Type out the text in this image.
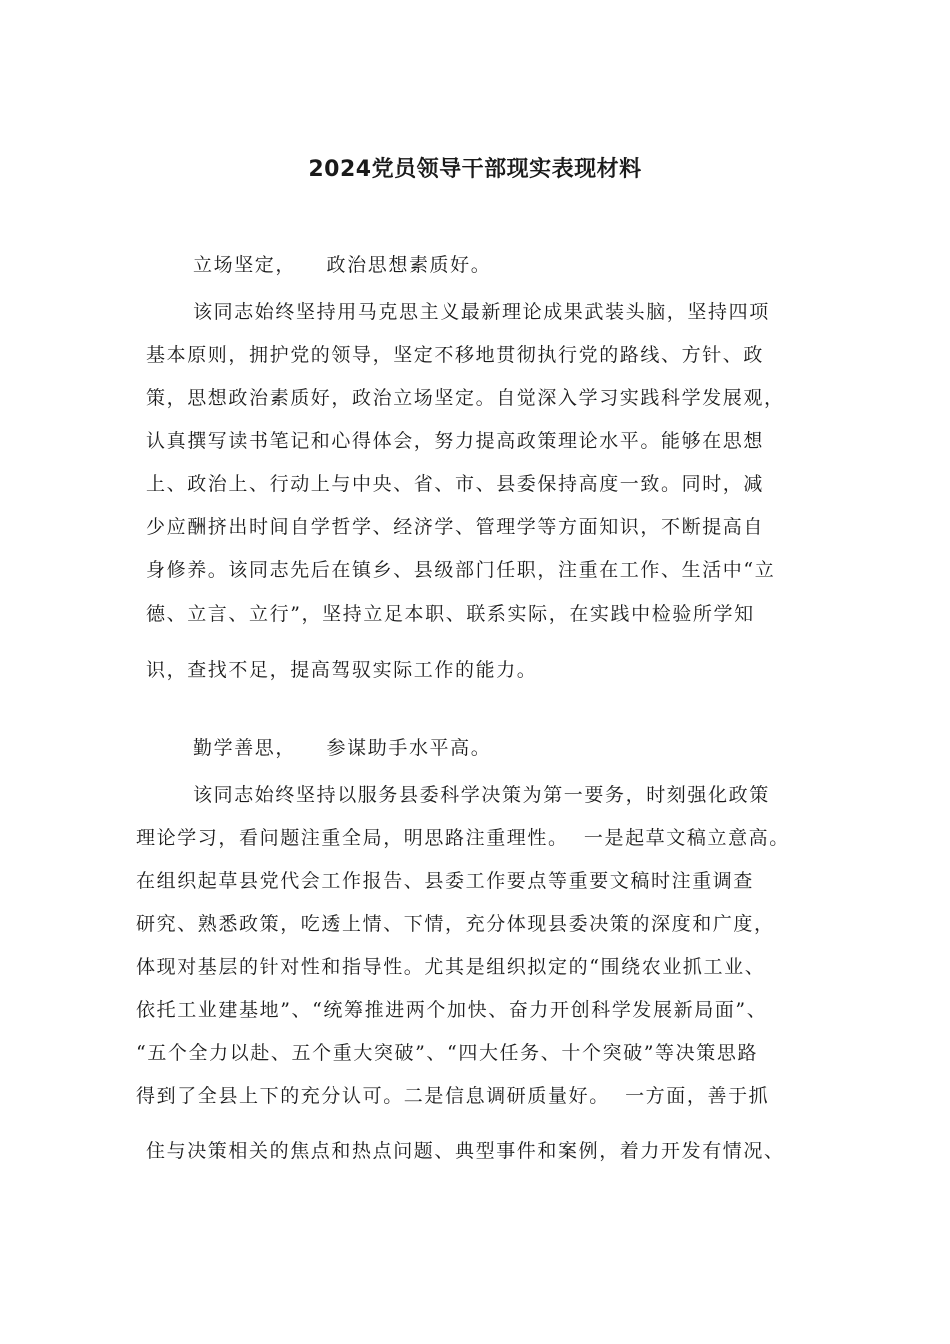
2024党员领导干部现实表现材料
立场坚定，    政治思想素质好。
该同志始终坚持用马克思主义最新理论成果武装头脑，坚持四项
基本原则，拥护党的领导，坚定不移地贯彻执行党的路线、方针、政
策，思想政治素质好，政治立场坚定。自觉深入学习实践科学发展观，
认真撰写读书笔记和心得体会，努力提高政策理论水平。能够在思想
上、政治上、行动上与中央、省、市、县委保持高度一致。同时，减
少应酬挤出时间自学哲学、经济学、管理学等方面知识，不断提高自
身修养。该同志先后在镇乡、县级部门任职，注重在工作、生活中“立
德、立言、立行”，坚持立足本职、联系实际，在实践中检验所学知
识，查找不足，提高驾驭实际工作的能力。
勤学善思，    参谋助手水平高。
该同志始终坚持以服务县委科学决策为第一要务，时刻强化政策
理论学习，看问题注重全局，明思路注重理性。  一是起草文稿立意高。
在组织起草县党代会工作报告、县委工作要点等重要文稿时注重调查
研究、熟悉政策，吃透上情、下情，充分体现县委决策的深度和广度，
体现对基层的针对性和指导性。尤其是组织拟定的“围绕农业抓工业、
依托工业建基地”、“统筹推进两个加快、奋力开创科学发展新局面”、
“五个全力以赴、五个重大突破”、“四大任务、十个突破”等决策思路
得到了全县上下的充分认可。二是信息调研质量好。  一方面，善于抓
住与决策相关的焦点和热点问题、典型事件和案例，着力开发有情况、
